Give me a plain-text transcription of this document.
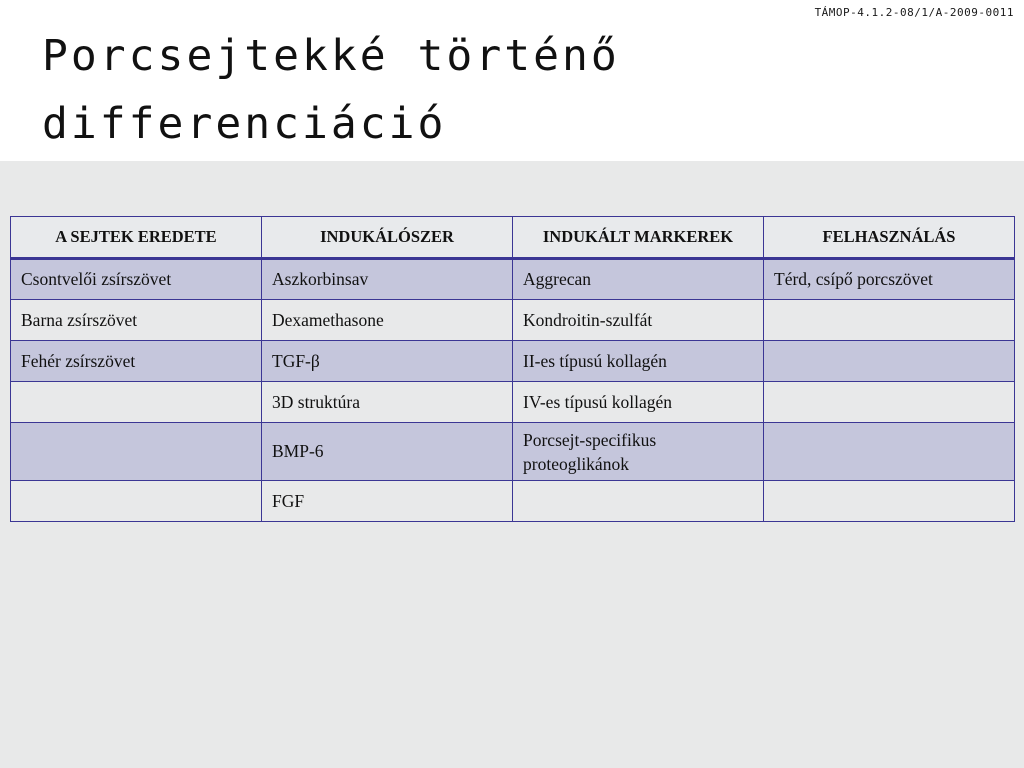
TÁMOP-4.1.2-08/1/A-2009-0011
Porcsejtekké történő
differenciáció
A SEJTEK EREDETE	INDUKÁLÓSZER	INDUKÁLT MARKEREK	FELHASZNÁLÁS
Csontvelői zsírszövet	Aszkorbinsav	Aggrecan	Térd, csípő porcszövet
Barna zsírszövet	Dexamethasone	Kondroitin-szulfát	
Fehér zsírszövet	TGF-β	II-es típusú kollagén	
	3D struktúra	IV-es típusú kollagén	
	BMP-6	Porcsejt-specifikus proteoglikánok	

	FGF		
